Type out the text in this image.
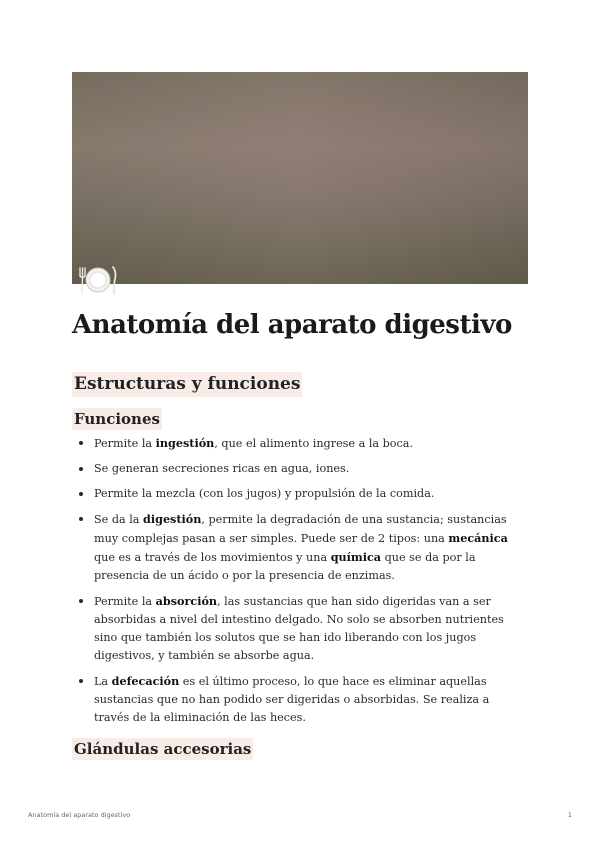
Anatomía del aparato digestivo
Estructuras y funciones
Funciones
Permite la ingestión, que el alimento ingrese a la boca.
Se generan secreciones ricas en agua, iones.
Permite la mezcla (con los jugos) y propulsión de la comida.
Se da la digestión, permite la degradación de una sustancia; sustancias muy complejas pasan a ser simples. Puede ser de 2 tipos: una mecánica que es a través de los movimientos y una química que se da por la presencia de un ácido o por la presencia de enzimas.
Permite la absorción, las sustancias que han sido digeridas van a ser absorbidas a nivel del intestino delgado. No solo se absorben nutrientes sino que también los solutos que se han ido liberando con los jugos digestivos, y también se absorbe agua.
La defecación es el último proceso, lo que hace es eliminar aquellas sustancias que no han podido ser digeridas o absorbidas. Se realiza a través de la eliminación de las heces.
Glándulas accesorias
Anatomía del aparato digestivo	1
